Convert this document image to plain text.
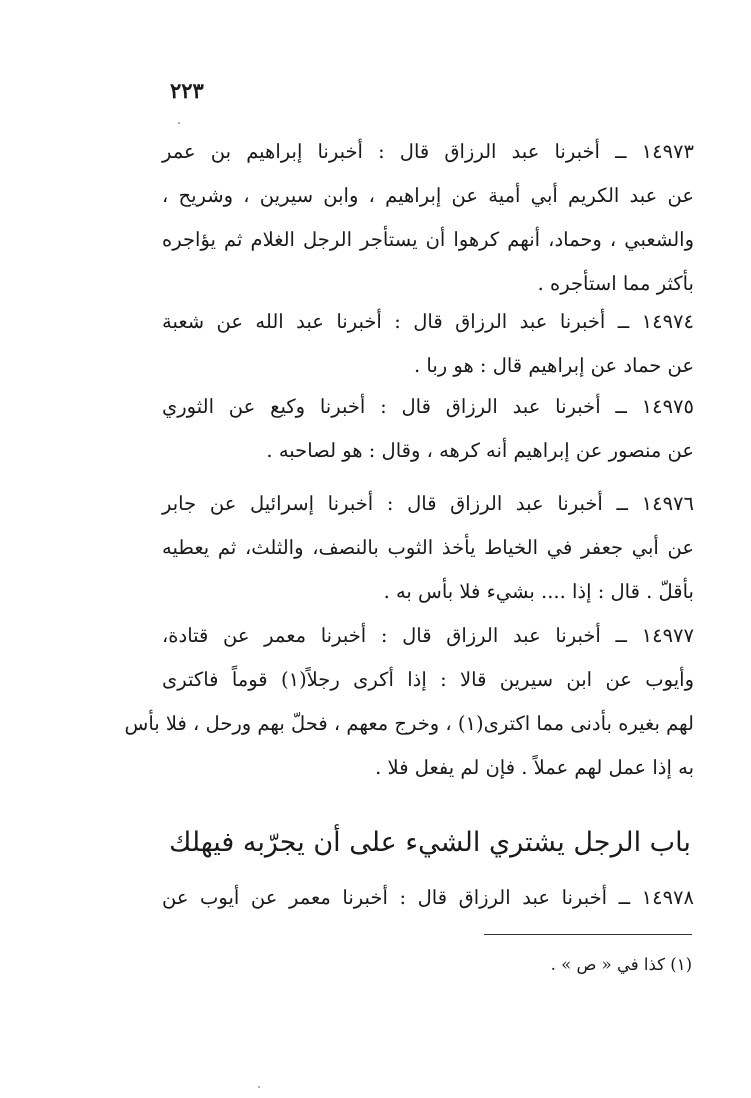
٢٢٣
١٤٩٧٣ ــ أخبرنا عبد الرزاق قال : أخبرنا إبراهيم بن عمر
عن عبد الكريم أبي أمية عن إبراهيم ، وابن سيرين ، وشريح ،
والشعبي ، وحماد، أنهم كرهوا أن يستأجر الرجل الغلام ثم يؤاجره
بأكثر مما استأجره .
١٤٩٧٤ ــ أخبرنا عبد الرزاق قال : أخبرنا عبد الله عن شعبة
عن حماد عن إبراهيم قال : هو ربا .
١٤٩٧٥ ــ أخبرنا عبد الرزاق قال : أخبرنا وكيع عن الثوري
عن منصور عن إبراهيم أنه كرهه ، وقال : هو لصاحبه .
١٤٩٧٦ ــ أخبرنا عبد الرزاق قال : أخبرنا إسرائيل عن جابر
عن أبي جعفر في الخياط يأخذ الثوب بالنصف، والثلث، ثم يعطيه
بأقلّ . قال : إذا .... بشيء فلا بأس به .
١٤٩٧٧ ــ أخبرنا عبد الرزاق قال : أخبرنا معمر عن قتادة،
وأيوب عن ابن سيرين قالا : إذا أكرى رجلاً(١) قوماً فاكترى
لهم بغيره بأدنى مما اكترى(١) ، وخرج معهم ، فحلّ بهم ورحل ، فلا بأس
به إذا عمل لهم عملاً . فإن لم يفعل فلا .
باب الرجل يشتري الشيء على أن يجرّبه فيهلك
١٤٩٧٨ ــ أخبرنا عبد الرزاق قال : أخبرنا معمر عن أيوب عن
(١) كذا في « ص » .
